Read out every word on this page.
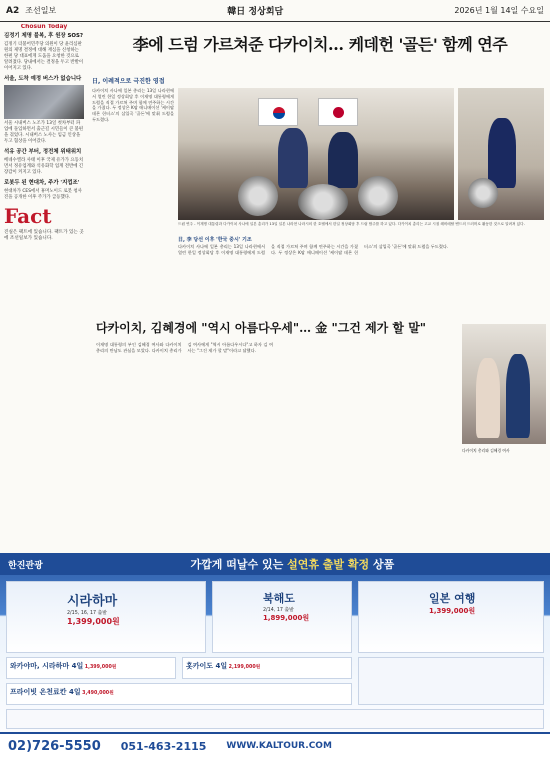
A2 조선일보	韓日 정상회담	2026년 1월 14일 수요일
Chosun Today
김정기 제명 불복, 후 원장 SOS?
김정기 더불어민주당 의원이 당 윤리심판원의 제명 결정에 대해 재심을 신청하는 한편 당 대표에게 도움을 요청한 것으로 알려졌다. 당내에서는 결정을 두고 반발이 이어지고 있다.
서울, 도착 예정 버스가 없습니다
서울 시내버스 노조가 13일 첫차부터 파업에 돌입하면서 출근길 시민들이 큰 불편을 겪었다. 시내버스 노사는 임금 인상을 두고 협상을 이어갔다.
석유 공간 부터, 정전체 위태위치
베네수엘라 사태 이후 국제 유가가 요동치면서 정유업계와 석유화학 업계 전반에 긴장감이 커지고 있다.
로봇두 된 현대차, 주가 '지껍조'
현대차가 CES에서 휴머노이드 로봇 청사진을 공개한 이후 주가가 급등했다.
Fact
진실은 팩트에 있습니다. 팩트가 있는 곳에 조선일보가 있습니다.
李에 드럼 가르쳐준 다카이치… 케데헌 '골든' 함께 연주
日, 이례적으로 극진한 영접
다카이치 사나에 일본 총리는 13일 나라현에서 열린 한일 정상회담 후 이재명 대통령에게 드럼을 직접 가르쳐 주며 함께 연주하는 시간을 가졌다. 두 정상은 K팝 애니메이션 '케이팝 데몬 헌터스'의 삽입곡 '골든'에 맞춰 드럼을 두드렸다.
드럼 연주 - 이재명 대통령과 다카이치 사나에 일본 총리가 13일 일본 나라현 나라시의 한 호텔에서 한일 정상회담 후 드럼 합주를 하고 있다. 다카이치 총리는 고교 시절 헤비메탈 밴드의 드러머로 활동한 것으로 알려져 있다.
日, 李 당선 이후 '한국 중시' 기조
다카이치 사나에 일본 총리는 13일 나라현에서 열린 한일 정상회담 후 이재명 대통령에게 드럼을 직접 가르쳐 주며 함께 연주하는 시간을 가졌다. 두 정상은 K팝 애니메이션 '케이팝 데몬 헌터스'의 삽입곡 '골든'에 맞춰 드럼을 두드렸다.
다카이치, 김혜경에 "역시 아름다우세"… 金 "그건 제가 할 말"
이재명 대통령의 부인 김혜경 여사와 다카이치 총리의 만남도 관심을 모았다. 다카이치 총리가 김 여사에게 "역시 아름다우시다"고 하자 김 여사는 "그건 제가 할 말"이라고 답했다.
다카이치 총리와 김혜경 여사
한진관광	가깝게 떠날수 있는 설연휴 출발 확정 상품
시라하마
2/15, 16, 17 출발
1,399,000원
북해도
2/14, 17 출발
1,899,000원
일본 여행
1,399,000원
와카야마, 시라하마 4일 1,399,000원	홋카이도 4일 2,199,000원
프라이빗 온천료칸 4일 3,490,000원
02)726-5550 051-463-2115 WWW.KALTOUR.COM
